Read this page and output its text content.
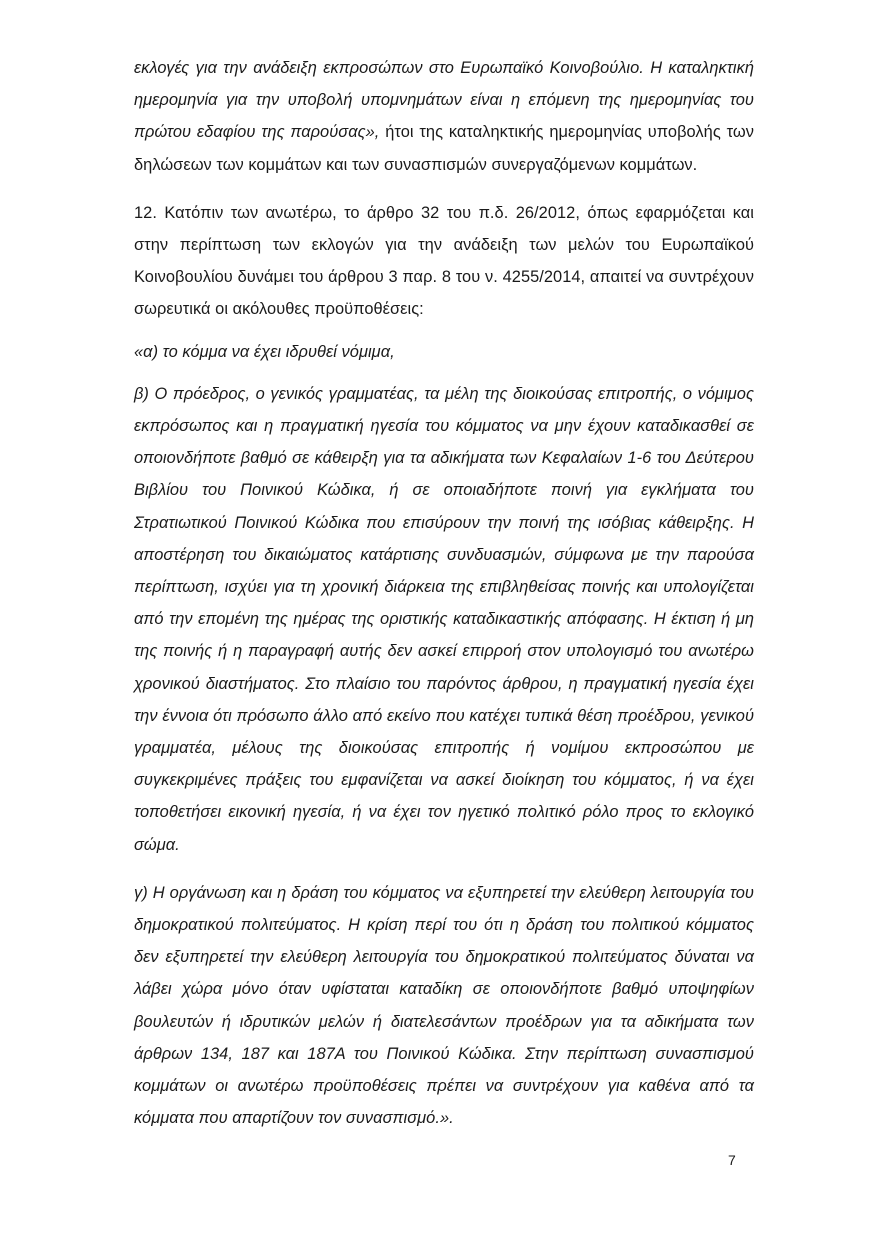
εκλογές για την ανάδειξη εκπροσώπων στο Ευρωπαϊκό Κοινοβούλιο. Η καταληκτική ημερομηνία για την υποβολή υπομνημάτων είναι η επόμενη της ημερομηνίας του πρώτου εδαφίου της παρούσας», ήτοι της καταληκτικής ημερομηνίας υποβολής των δηλώσεων των κομμάτων και των συνασπισμών συνεργαζόμενων κομμάτων.

12. Κατόπιν των ανωτέρω, το άρθρο 32 του π.δ. 26/2012, όπως εφαρμόζεται και στην περίπτωση των εκλογών για την ανάδειξη των μελών του Ευρωπαϊκού Κοινοβουλίου δυνάμει του άρθρου 3 παρ. 8 του ν. 4255/2014, απαιτεί να συντρέχουν σωρευτικά οι ακόλουθες προϋποθέσεις:

«α) το κόμμα να έχει ιδρυθεί νόμιμα,

β) Ο πρόεδρος, ο γενικός γραμματέας, τα μέλη της διοικούσας επιτροπής, ο νόμιμος εκπρόσωπος και η πραγματική ηγεσία του κόμματος να μην έχουν καταδικασθεί σε οποιονδήποτε βαθμό σε κάθειρξη για τα αδικήματα των Κεφαλαίων 1-6 του Δεύτερου Βιβλίου του Ποινικού Κώδικα, ή σε οποιαδήποτε ποινή για εγκλήματα του Στρατιωτικού Ποινικού Κώδικα που επισύρουν την ποινή της ισόβιας κάθειρξης. Η αποστέρηση του δικαιώματος κατάρτισης συνδυασμών, σύμφωνα με την παρούσα περίπτωση, ισχύει για τη χρονική διάρκεια της επιβληθείσας ποινής και υπολογίζεται από την επομένη της ημέρας της οριστικής καταδικαστικής απόφασης. Η έκτιση ή μη της ποινής ή η παραγραφή αυτής δεν ασκεί επιρροή στον υπολογισμό του ανωτέρω χρονικού διαστήματος. Στο πλαίσιο του παρόντος άρθρου, η πραγματική ηγεσία έχει την έννοια ότι πρόσωπο άλλο από εκείνο που κατέχει τυπικά θέση προέδρου, γενικού γραμματέα, μέλους της διοικούσας επιτροπής ή νομίμου εκπροσώπου με συγκεκριμένες πράξεις του εμφανίζεται να ασκεί διοίκηση του κόμματος, ή να έχει τοποθετήσει εικονική ηγεσία, ή να έχει τον ηγετικό πολιτικό ρόλο προς το εκλογικό σώμα.

γ) Η οργάνωση και η δράση του κόμματος να εξυπηρετεί την ελεύθερη λειτουργία του δημοκρατικού πολιτεύματος. Η κρίση περί του ότι η δράση του πολιτικού κόμματος δεν εξυπηρετεί την ελεύθερη λειτουργία του δημοκρατικού πολιτεύματος δύναται να λάβει χώρα μόνο όταν υφίσταται καταδίκη σε οποιονδήποτε βαθμό υποψηφίων βουλευτών ή ιδρυτικών μελών ή διατελεσάντων προέδρων για τα αδικήματα των άρθρων 134, 187 και 187Α του Ποινικού Κώδικα. Στην περίπτωση συνασπισμού κομμάτων οι ανωτέρω προϋποθέσεις πρέπει να συντρέχουν για καθένα από τα κόμματα που απαρτίζουν τον συνασπισμό.».

7
